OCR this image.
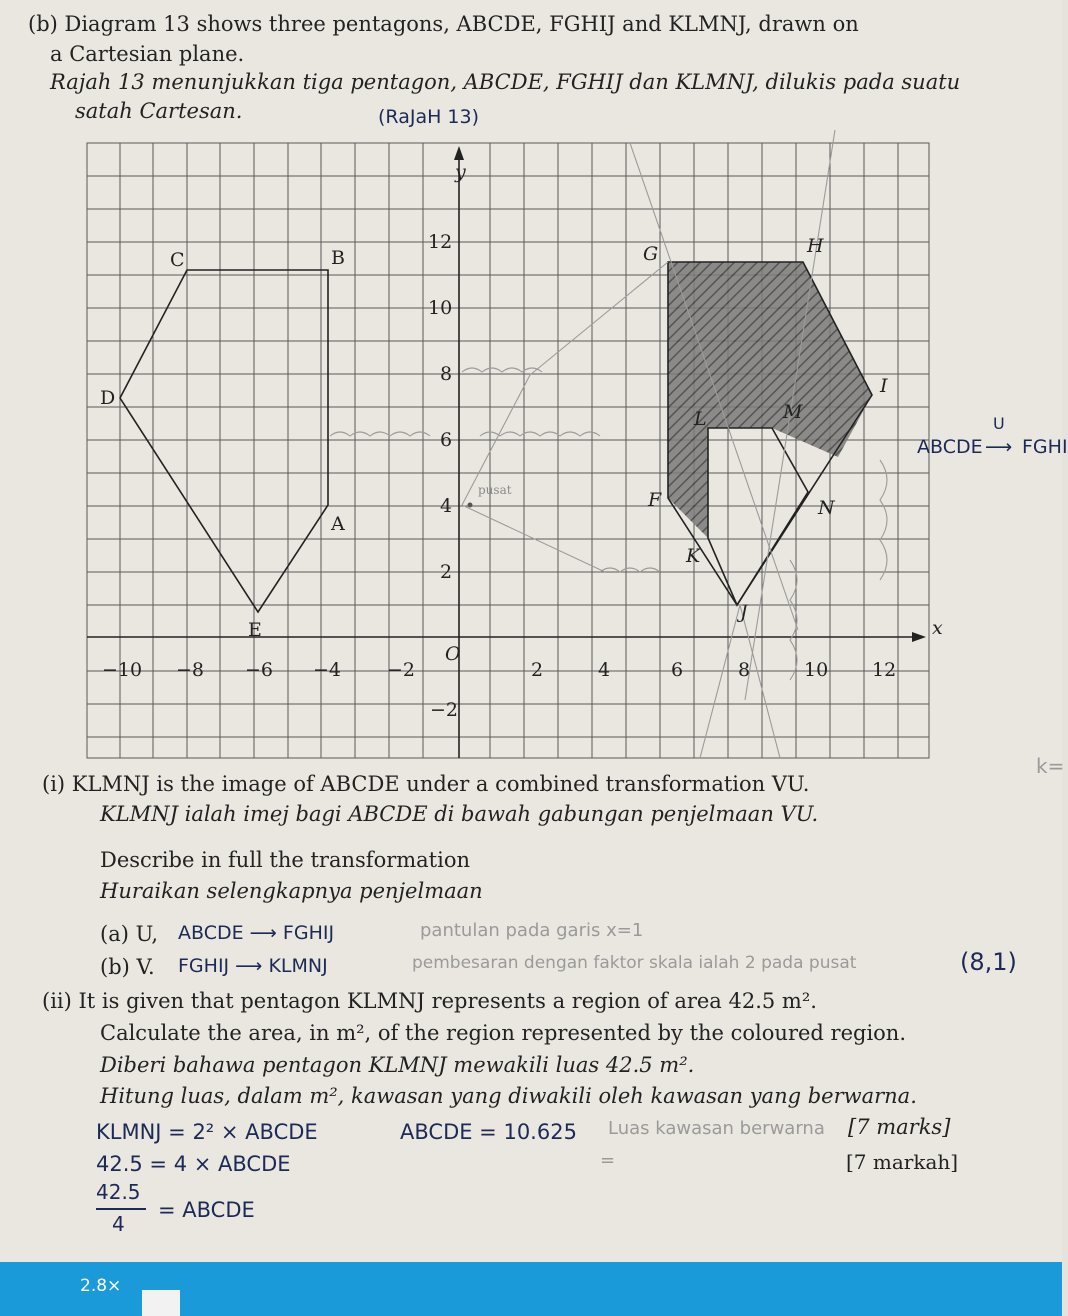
(b) Diagram 13 shows three pentagons, ABCDE, FGHIJ and KLMNJ, drawn on
a Cartesian plane.
Rajah 13 menunjukkan tiga pentagon, ABCDE, FGHIJ dan KLMNJ, dilukis pada suatu
satah Cartesan.	(RaJaH 13)
−10 −8 −6 −4 −2	2	4	6	8	10 12
12
10
8
6
4
2
−2
O
x
y
A
B
C
D
E
F
G	H
I
J
K
L	M
N
pusat
ABCDE
U
⟶ FGHI
k=
(i) KLMNJ is the image of ABCDE under a combined transformation VU.
KLMNJ ialah imej bagi ABCDE di bawah gabungan penjelmaan VU.
Describe in full the transformation
Huraikan selengkapnya penjelmaan
(a) U, ABCDE ⟶ FGHIJ	pantulan pada garis x=1
(b) V. FGHIJ ⟶ KLMNJ	pembesaran dengan faktor skala ialah 2 pada pusat	(8,1)
(ii) It is given that pentagon KLMNJ represents a region of area 42.5 m².
Calculate the area, in m², of the region represented by the coloured region.
Diberi bahawa pentagon KLMNJ mewakili luas 42.5 m².
Hitung luas, dalam m², kawasan yang diwakili oleh kawasan yang berwarna.
[7 marks]
[7 markah]
KLMNJ = 2² × ABCDE
42.5 = 4 × ABCDE
42.5
4
= ABCDE
ABCDE = 10.625 Luas kawasan berwarna
=
2.8×
